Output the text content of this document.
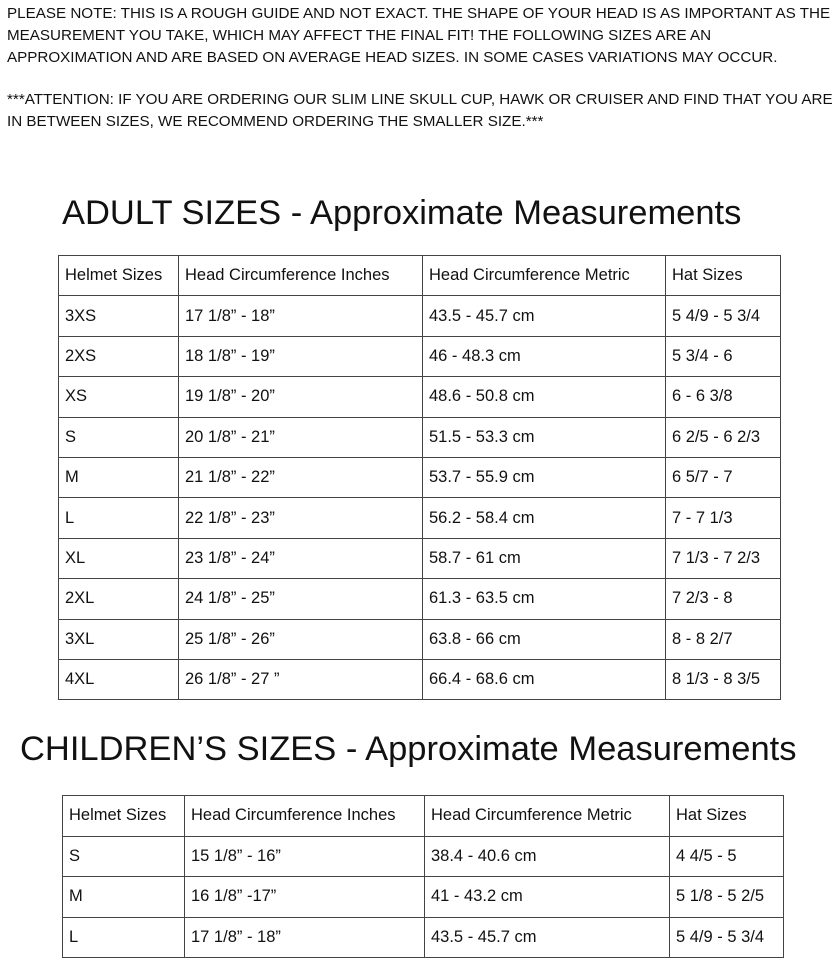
PLEASE NOTE: THIS IS A ROUGH GUIDE AND NOT EXACT. THE SHAPE OF YOUR HEAD IS AS IMPORTANT AS THE MEASUREMENT YOU TAKE, WHICH MAY AFFECT THE FINAL FIT! THE FOLLOWING SIZES ARE AN APPROXIMATION AND ARE BASED ON AVERAGE HEAD SIZES. IN SOME CASES VARIATIONS MAY OCCUR.
***ATTENTION: IF YOU ARE ORDERING OUR SLIM LINE SKULL CUP, HAWK OR CRUISER AND FIND THAT YOU ARE IN BETWEEN SIZES, WE RECOMMEND ORDERING THE SMALLER SIZE.***
ADULT SIZES - Approximate Measurements
Helmet Sizes	Head Circumference Inches	Head Circumference Metric	Hat Sizes
3XS	17 1/8” - 18”	43.5 - 45.7 cm	5 4/9 - 5 3/4
2XS	18 1/8” - 19”	46 - 48.3 cm	5 3/4 - 6
XS	19 1/8” - 20”	48.6 - 50.8 cm	6 - 6 3/8
S	20 1/8” - 21”	51.5 - 53.3 cm	6 2/5 - 6 2/3
M	21 1/8” - 22”	53.7 - 55.9 cm	6 5/7 - 7
L	22 1/8” - 23”	56.2 - 58.4 cm	7 - 7 1/3
XL	23 1/8” - 24”	58.7 - 61 cm	7 1/3 - 7 2/3
2XL	24 1/8” - 25”	61.3 - 63.5 cm	7 2/3 - 8
3XL	25 1/8” - 26”	63.8 - 66 cm	8 - 8 2/7
4XL	26 1/8” - 27 ”	66.4 - 68.6 cm	8 1/3 - 8 3/5
CHILDREN’S SIZES - Approximate Measurements
Helmet Sizes	Head Circumference Inches	Head Circumference Metric	Hat Sizes
S	15 1/8” - 16”	38.4 - 40.6 cm	4 4/5 - 5
M	16 1/8” -17”	41 - 43.2 cm	5 1/8 - 5 2/5
L	17 1/8” - 18”	43.5 - 45.7 cm	5 4/9 - 5 3/4
